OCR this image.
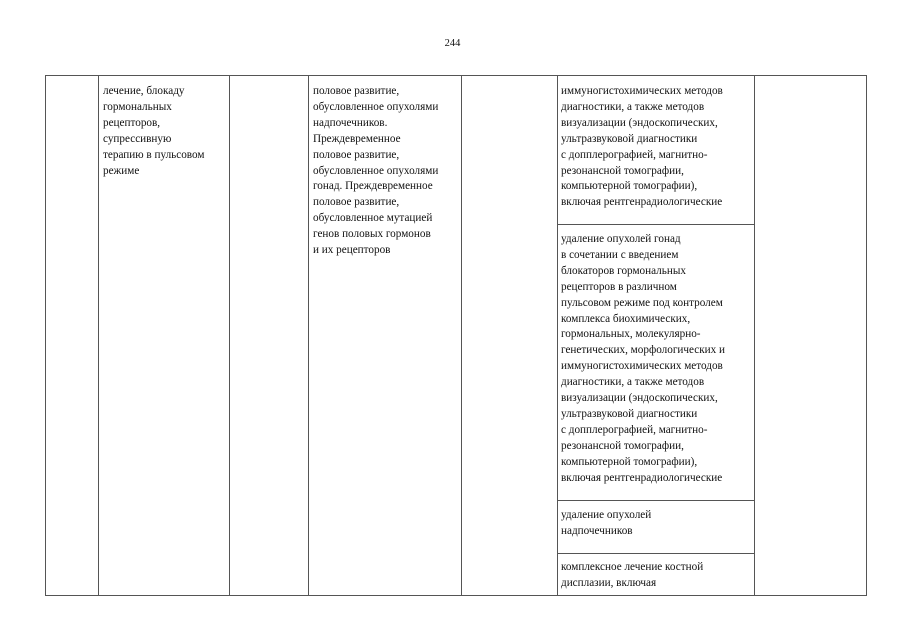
244
лечение, блокаду
гормональных
рецепторов,
супрессивную
терапию в пульсовом
режиме
половое развитие,
обусловленное опухолями
надпочечников.
Преждевременное
половое развитие,
обусловленное опухолями
гонад. Преждевременное
половое развитие,
обусловленное мутацией
генов половых гормонов
и их рецепторов
иммуногистохимических методов
диагностики, а также методов
визуализации (эндоскопических,
ультразвуковой диагностики
с допплерографией, магнитно-
резонансной томографии,
компьютерной томографии),
включая рентгенрадиологические
удаление опухолей гонад
в сочетании с введением
блокаторов гормональных
рецепторов в различном
пульсовом режиме под контролем
комплекса биохимических,
гормональных, молекулярно-
генетических, морфологических и
иммуногистохимических методов
диагностики, а также методов
визуализации (эндоскопических,
ультразвуковой диагностики
с допплерографией, магнитно-
резонансной томографии,
компьютерной томографии),
включая рентгенрадиологические
удаление опухолей
надпочечников
комплексное лечение костной
дисплазии, включая
